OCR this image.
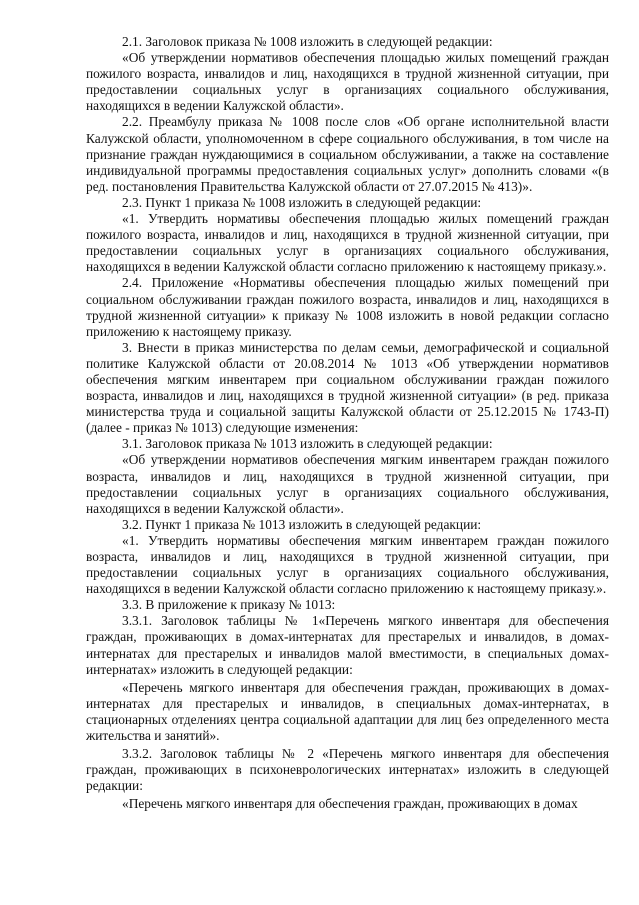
2.1. Заголовок приказа № 1008 изложить в следующей редакции:

«Об утверждении нормативов обеспечения площадью жилых помещений граждан пожилого возраста, инвалидов и лиц, находящихся в трудной жизненной ситуации, при предоставлении социальных услуг в организациях социального обслуживания, находящихся в ведении Калужской области».

2.2. Преамбулу приказа № 1008 после слов «Об органе исполнительной власти Калужской области, уполномоченном в сфере социального обслуживания, в том числе на признание граждан нуждающимися в социальном обслуживании, а также на составление индивидуальной программы предоставления социальных услуг» дополнить словами «(в ред. постановления Правительства Калужской области от 27.07.2015 № 413)».

2.3. Пункт 1 приказа № 1008 изложить в следующей редакции:

«1. Утвердить нормативы обеспечения площадью жилых помещений граждан пожилого возраста, инвалидов и лиц, находящихся в трудной жизненной ситуации, при предоставлении социальных услуг в организациях социального обслуживания, находящихся в ведении Калужской области согласно приложению к настоящему приказу.».

2.4. Приложение «Нормативы обеспечения площадью жилых помещений при социальном обслуживании граждан пожилого возраста, инвалидов и лиц, находящихся в трудной жизненной ситуации» к приказу № 1008 изложить в новой редакции согласно приложению к настоящему приказу.

3. Внести в приказ министерства по делам семьи, демографической и социальной политике Калужской области от 20.08.2014 № 1013 «Об утверждении нормативов обеспечения мягким инвентарем при социальном обслуживании граждан пожилого возраста, инвалидов и лиц, находящихся в трудной жизненной ситуации» (в ред. приказа министерства труда и социальной защиты Калужской области от 25.12.2015 № 1743-П) (далее - приказ № 1013) следующие изменения:

3.1. Заголовок приказа № 1013 изложить в следующей редакции:

«Об утверждении нормативов обеспечения мягким инвентарем граждан пожилого возраста, инвалидов и лиц, находящихся в трудной жизненной ситуации, при предоставлении социальных услуг в организациях социального обслуживания, находящихся в ведении Калужской области».

3.2. Пункт 1 приказа № 1013 изложить в следующей редакции:

«1. Утвердить нормативы обеспечения мягким инвентарем граждан пожилого возраста, инвалидов и лиц, находящихся в трудной жизненной ситуации, при предоставлении социальных услуг в организациях социального обслуживания, находящихся в ведении Калужской области согласно приложению к настоящему приказу.».

3.3. В приложение к приказу № 1013:

3.3.1. Заголовок таблицы № 1«Перечень мягкого инвентаря для обеспечения граждан, проживающих в домах-интернатах для престарелых и инвалидов, в домах-интернатах для престарелых и инвалидов малой вместимости, в специальных домах-интернатах» изложить в следующей редакции:

«Перечень мягкого инвентаря для обеспечения граждан, проживающих в домах-интернатах для престарелых и инвалидов, в специальных домах-интернатах, в стационарных отделениях центра социальной адаптации для лиц без определенного места жительства и занятий».

3.3.2. Заголовок таблицы № 2 «Перечень мягкого инвентаря для обеспечения граждан, проживающих в психоневрологических интернатах» изложить в следующей редакции:

«Перечень мягкого инвентаря для обеспечения граждан, проживающих в домах
